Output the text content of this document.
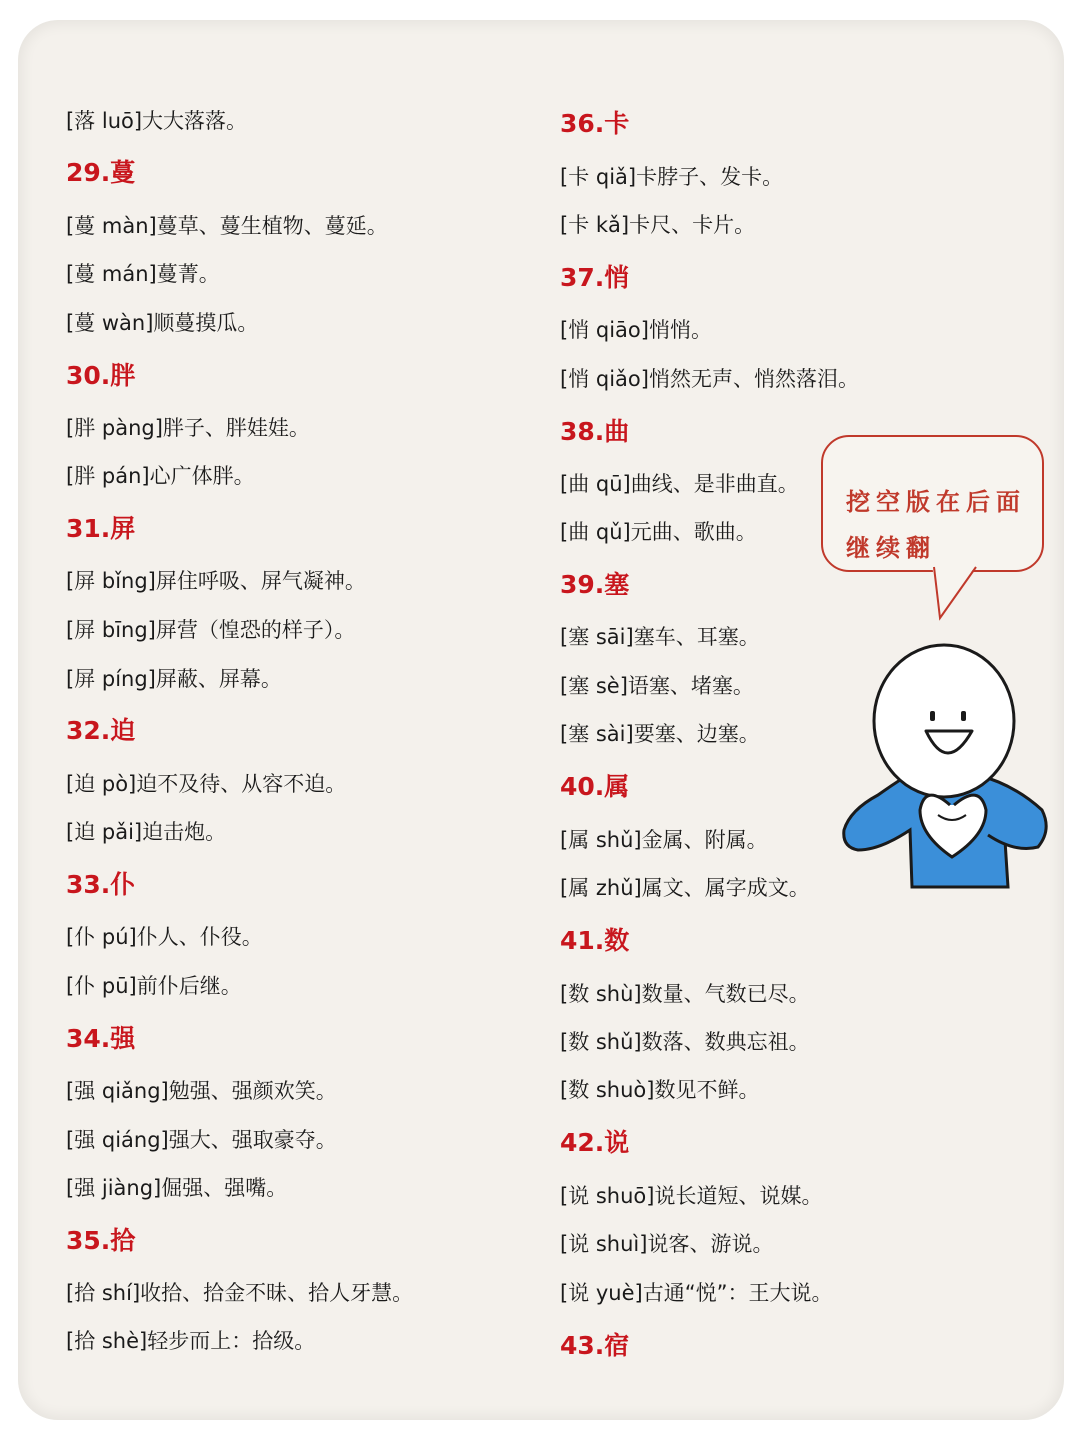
[落 luō]大大落落。
29.蔓
[蔓 màn]蔓草、蔓生植物、蔓延。
[蔓 mán]蔓菁。
[蔓 wàn]顺蔓摸瓜。
30.胖
[胖 pàng]胖子、胖娃娃。
[胖 pán]心广体胖。
31.屏
[屏 bǐng]屏住呼吸、屏气凝神。
[屏 bīng]屏营（惶恐的样子）。
[屏 píng]屏蔽、屏幕。
32.迫
[迫 pò]迫不及待、从容不迫。
[迫 pǎi]迫击炮。
33.仆
[仆 pú]仆人、仆役。
[仆 pū]前仆后继。
34.强
[强 qiǎng]勉强、强颜欢笑。
[强 qiáng]强大、强取豪夺。
[强 jiàng]倔强、强嘴。
35.拾
[拾 shí]收拾、拾金不昧、拾人牙慧。
[拾 shè]轻步而上：拾级。
36.卡
[卡 qiǎ]卡脖子、发卡。
[卡 kǎ]卡尺、卡片。
37.悄
[悄 qiāo]悄悄。
[悄 qiǎo]悄然无声、悄然落泪。
38.曲
[曲 qū]曲线、是非曲直。
[曲 qǔ]元曲、歌曲。
39.塞
[塞 sāi]塞车、耳塞。
[塞 sè]语塞、堵塞。
[塞 sài]要塞、边塞。
40.属
[属 shǔ]金属、附属。
[属 zhǔ]属文、属字成文。
41.数
[数 shù]数量、气数已尽。
[数 shǔ]数落、数典忘祖。
[数 shuò]数见不鲜。
42.说
[说 shuō]说长道短、说媒。
[说 shuì]说客、游说。
[说 yuè]古通“悦”：王大说。
43.宿
挖空版在后面
继续翻
